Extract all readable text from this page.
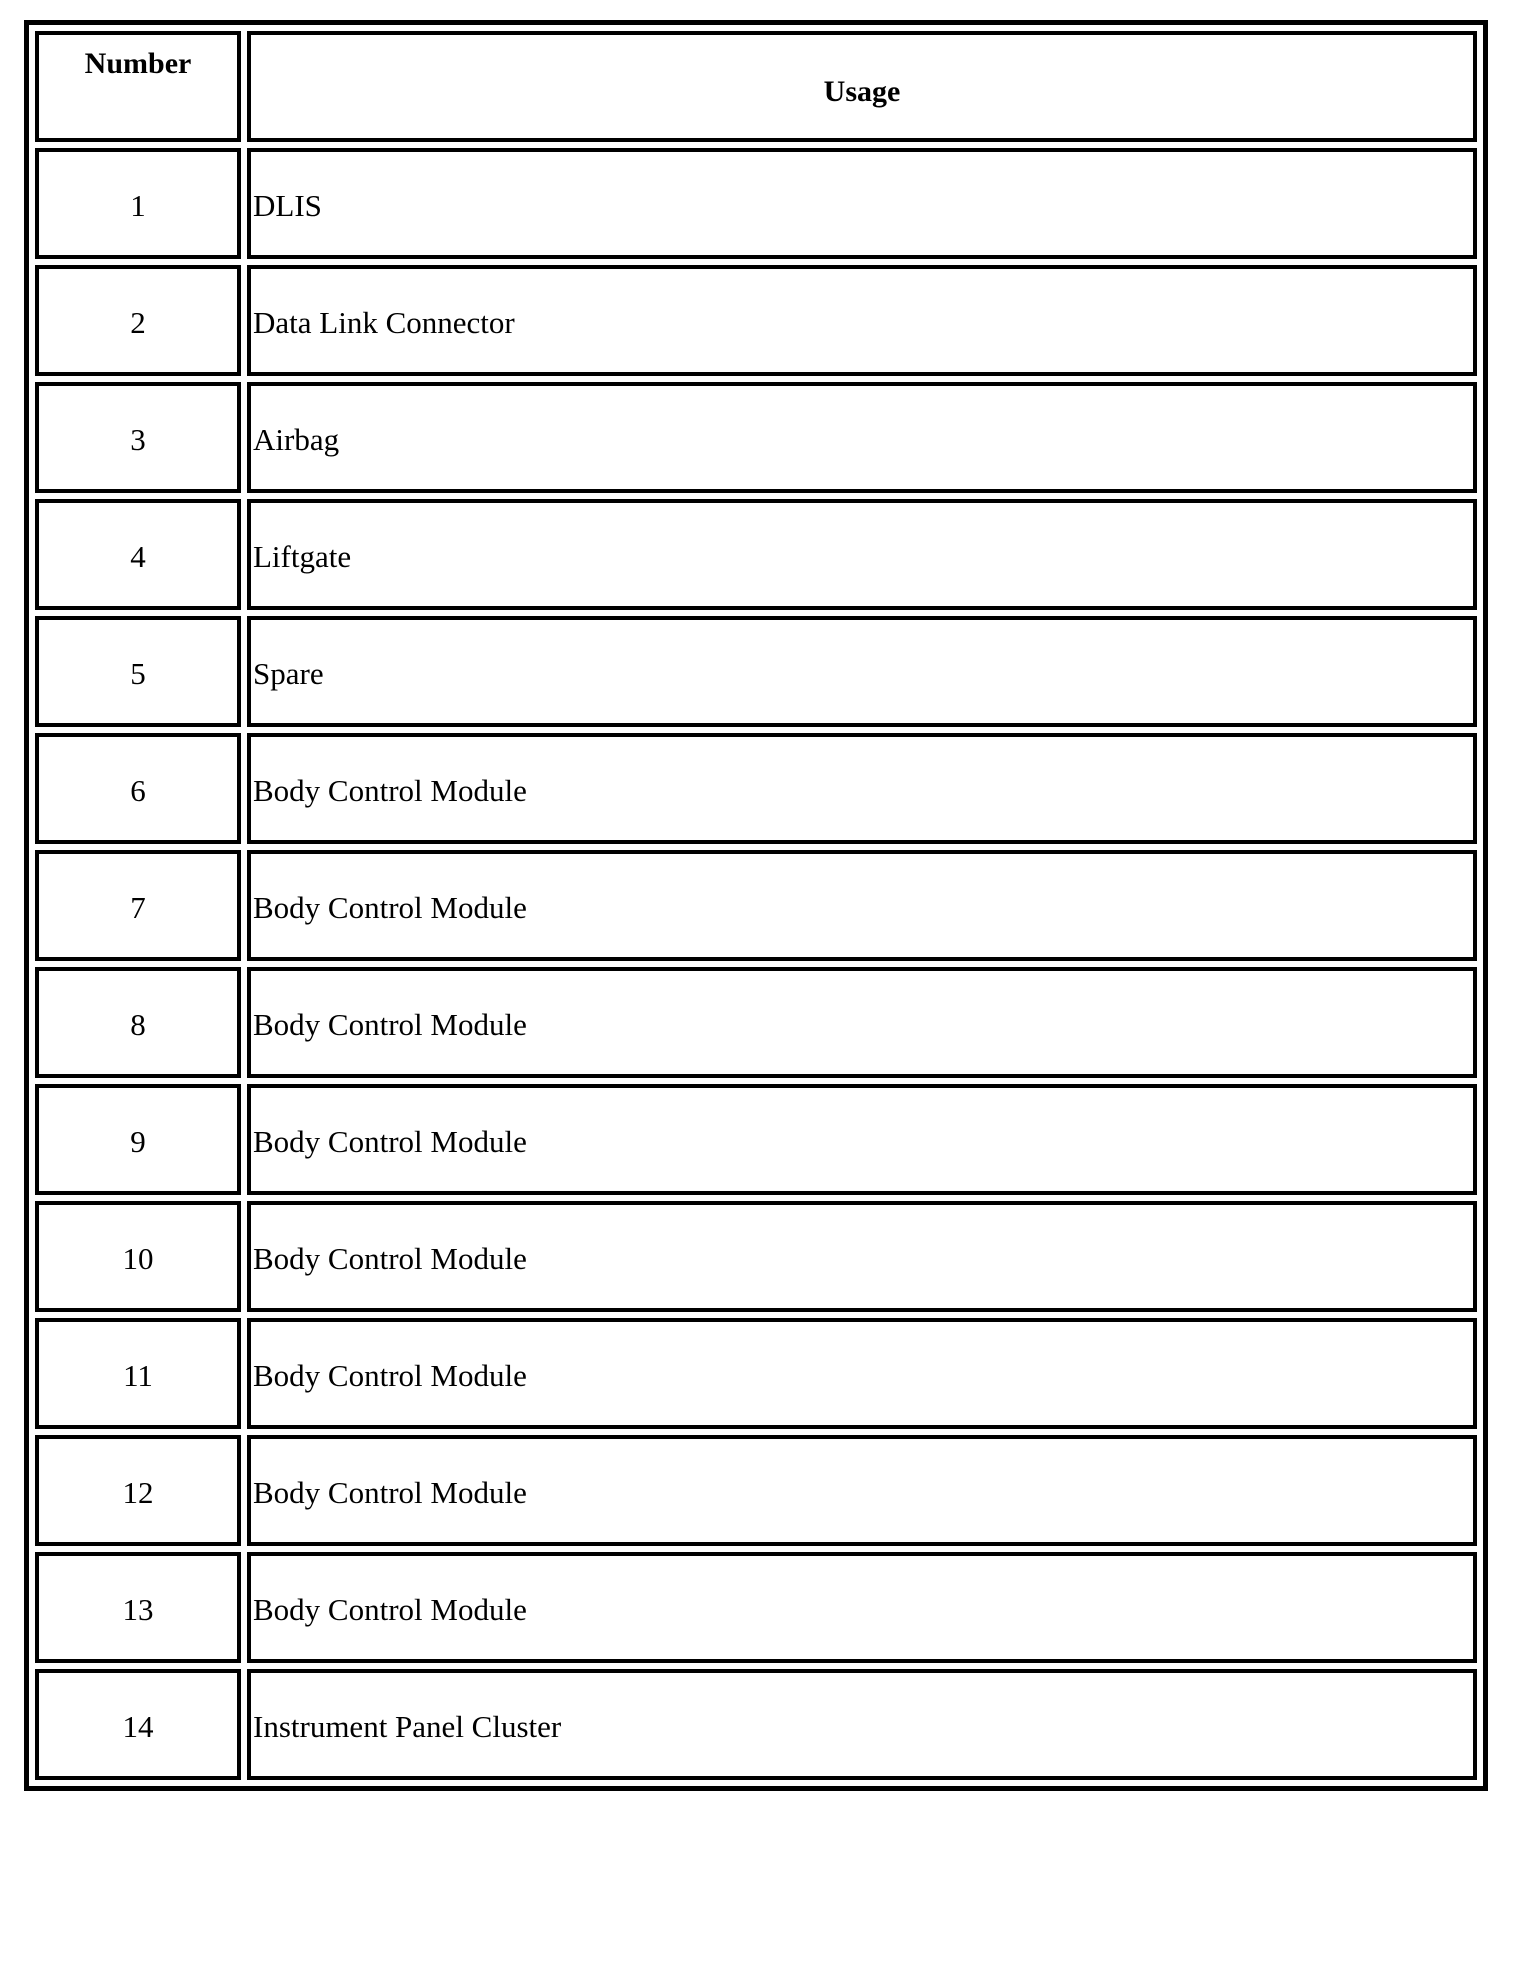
Number	Usage
1	DLIS
2	Data Link Connector
3	Airbag
4	Liftgate
5	Spare
6	Body Control Module
7	Body Control Module
8	Body Control Module
9	Body Control Module
10	Body Control Module
11	Body Control Module
12	Body Control Module
13	Body Control Module
14	Instrument Panel Cluster
